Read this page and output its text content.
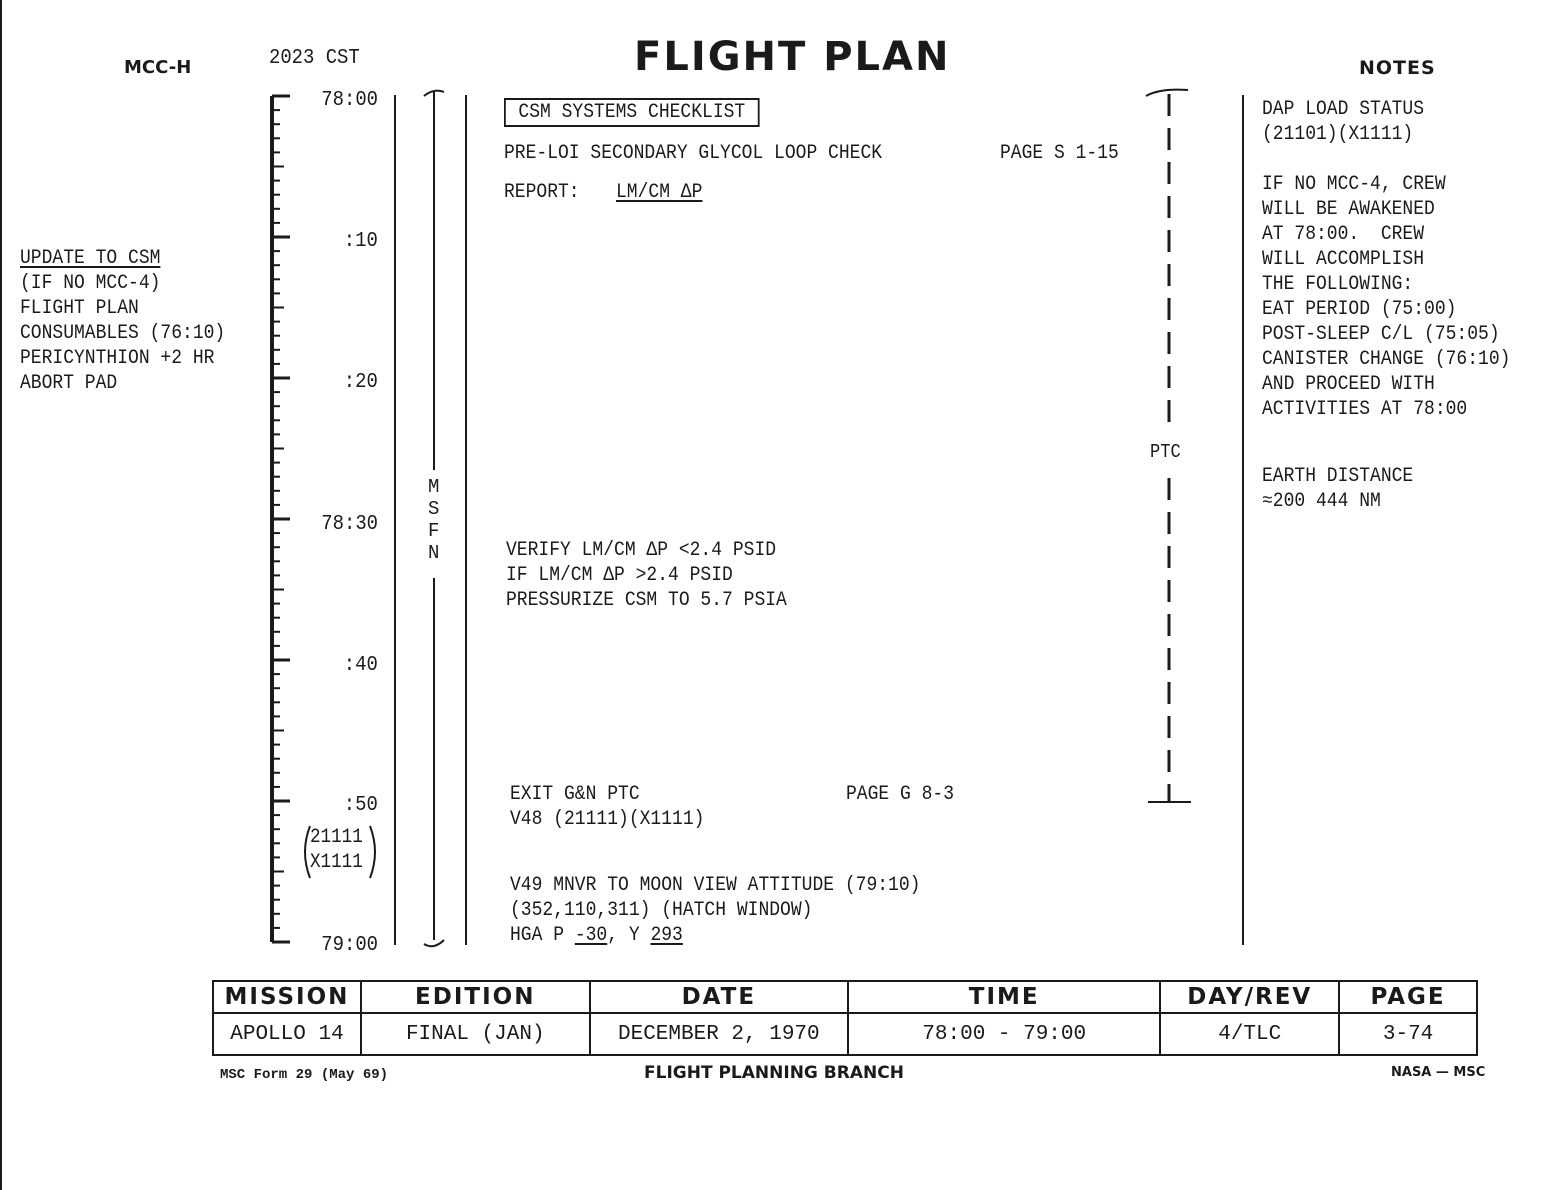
MCC-H	2023 CST	FLIGHT PLAN	NOTES
UPDATE TO CSM
(IF NO MCC-4)
FLIGHT PLAN
CONSUMABLES (76:10)
PERICYNTHION +2 HR
ABORT PAD
78:00
:10
:20
78:30
:40
:50
79:00
21111
X1111
M
S
F
N
PTC
CSM SYSTEMS CHECKLIST
PRE-LOI SECONDARY GLYCOL LOOP CHECK	PAGE S 1-15
REPORT: LM/CM ΔP
VERIFY LM/CM ΔP <2.4 PSID
IF LM/CM ΔP >2.4 PSID
PRESSURIZE CSM TO 5.7 PSIA
EXIT G&N PTC	PAGE G 8-3
V48 (21111)(X1111)
V49 MNVR TO MOON VIEW ATTITUDE (79:10)
(352,110,311) (HATCH WINDOW)
HGA P -30, Y 293
DAP LOAD STATUS
(21101)(X1111)
IF NO MCC-4, CREW
WILL BE AWAKENED
AT 78:00.  CREW
WILL ACCOMPLISH
THE FOLLOWING:
EAT PERIOD (75:00)
POST-SLEEP C/L (75:05)
CANISTER CHANGE (76:10)
AND PROCEED WITH
ACTIVITIES AT 78:00
EARTH DISTANCE
≈200 444 NM
MISSION	EDITION	DATE	TIME	DAY/REV	PAGE
APOLLO 14	FINAL (JAN)	DECEMBER 2, 1970	78:00 - 79:00	4/TLC	3-74
MSC Form 29 (May 69)	FLIGHT PLANNING BRANCH	NASA — MSC
